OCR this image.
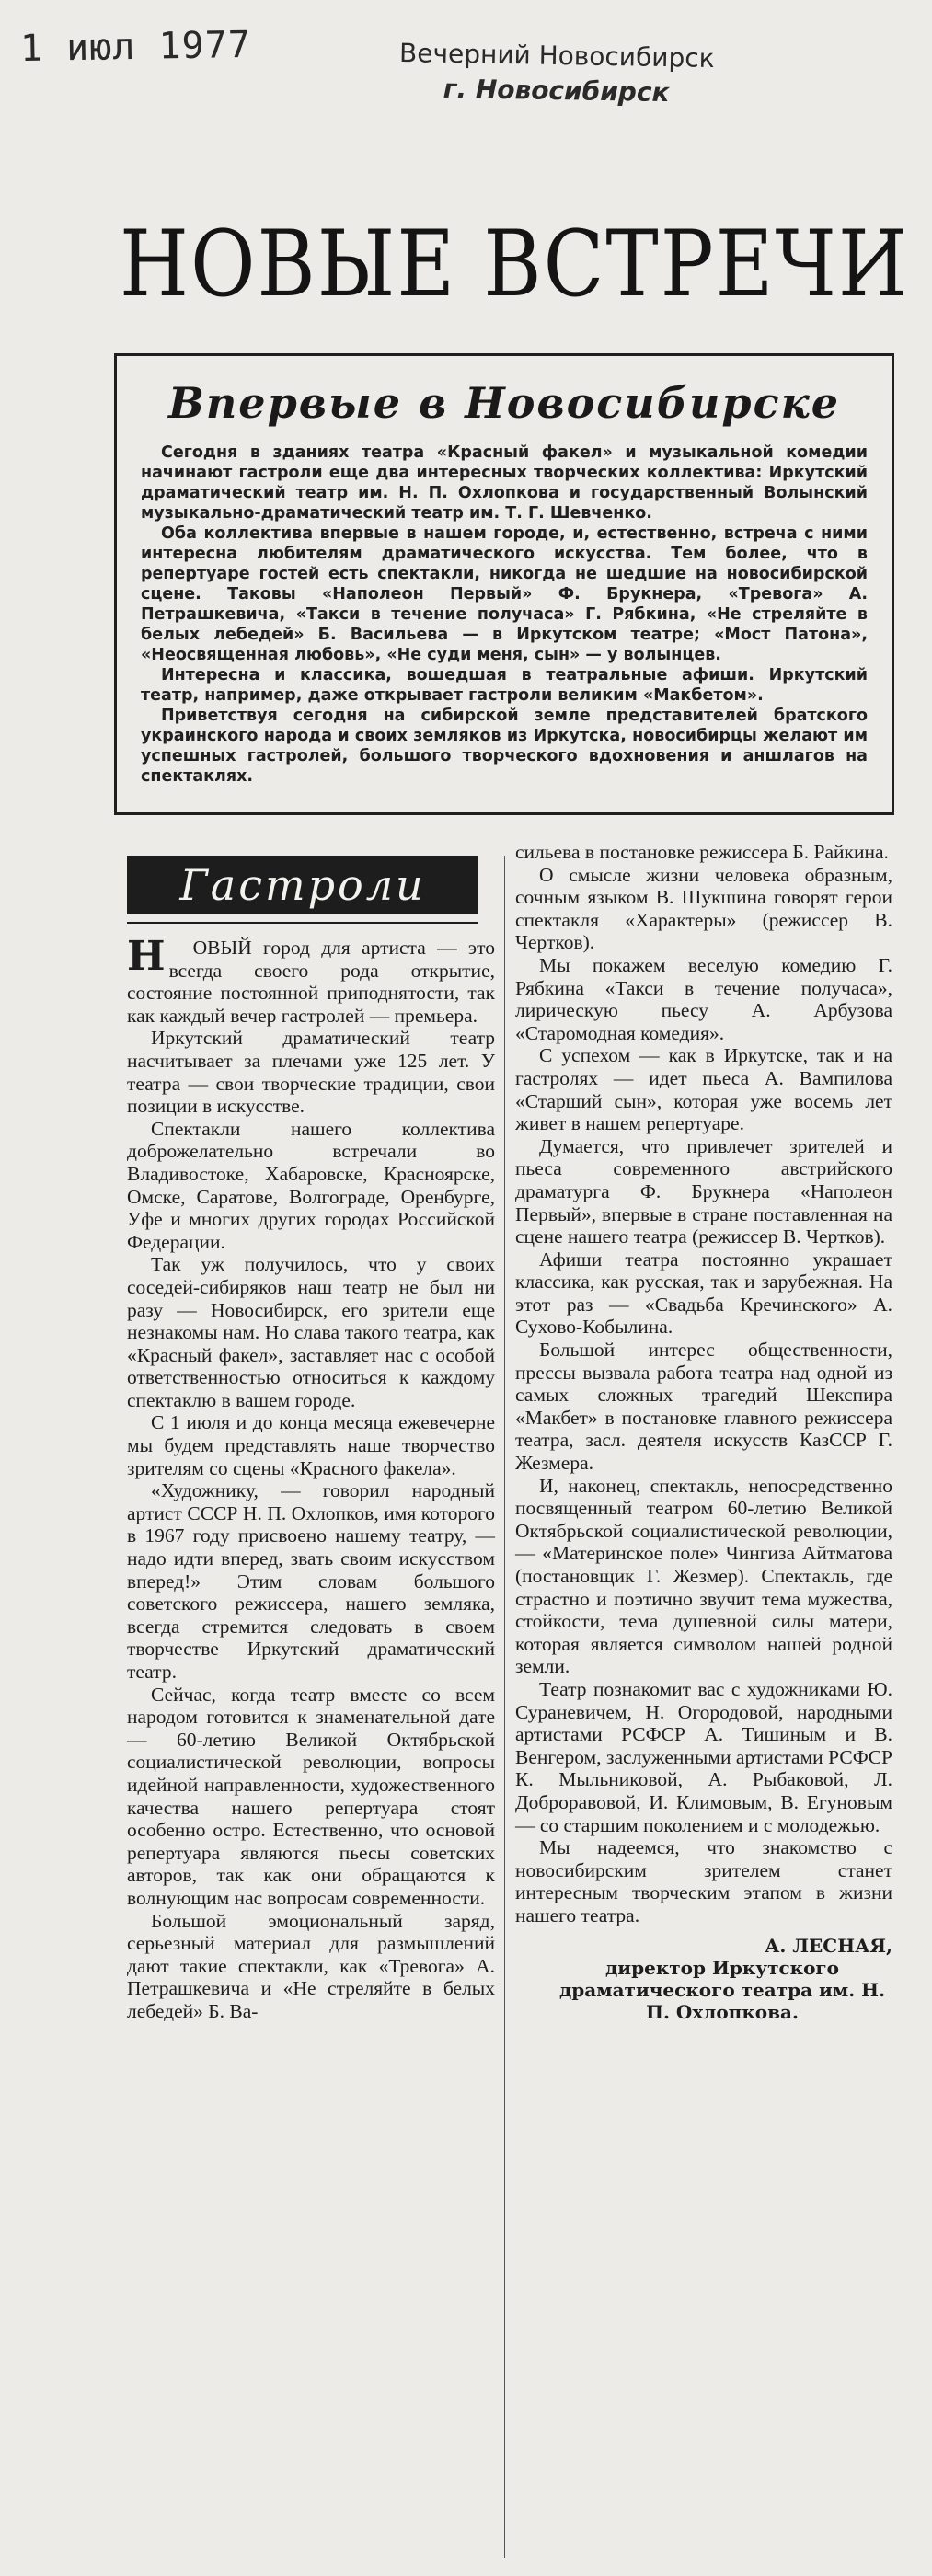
1 июл 1977	Вечерний Новосибирск
г. Новосибирск
НОВЫЕ ВСТРЕЧИ
Впервые в Новосибирске

Сегодня в зданиях театра «Красный факел» и музыкальной комедии начинают гастроли еще два интересных творческих коллектива: Иркутский драматический театр им. Н. П. Охлопкова и государственный Волынский музыкально-драматический театр им. Т. Г. Шевченко.

Оба коллектива впервые в нашем городе, и, естественно, встреча с ними интересна любителям драматического искусства. Тем более, что в репертуаре гостей есть спектакли, никогда не шедшие на новосибирской сцене. Таковы «Наполеон Первый» Ф. Брукнера, «Тревога» А. Петрашкевича, «Такси в течение получаса» Г. Рябкина, «Не стреляйте в белых лебедей» Б. Васильева — в Иркутском театре; «Мост Патона», «Неосвященная любовь», «Не суди меня, сын» — у волынцев.

Интересна и классика, вошедшая в театральные афиши. Иркутский театр, например, даже открывает гастроли великим «Макбетом».

Приветствуя сегодня на сибирской земле представителей братского украинского народа и своих земляков из Иркутска, новосибирцы желают им успешных гастролей, большого творческого вдохновения и аншлагов на спектаклях.

Гастроли

Н ОВЫЙ город для артиста — это всегда своего рода открытие, состояние постоянной приподнятости, так как каждый вечер гастролей — премьера.

Иркутский драматический театр насчитывает за плечами уже 125 лет. У театра — свои творческие традиции, свои позиции в искусстве.

Спектакли нашего коллектива доброжелательно встречали во Владивостоке, Хабаровске, Красноярске, Омске, Саратове, Волгограде, Оренбурге, Уфе и многих других городах Российской Федерации.

Так уж получилось, что у своих соседей-сибиряков наш театр не был ни разу — Новосибирск, его зрители еще незнакомы нам. Но слава такого театра, как «Красный факел», заставляет нас с особой ответственностью относиться к каждому спектаклю в вашем городе.

С 1 июля и до конца месяца ежевечерне мы будем представлять наше творчество зрителям со сцены «Красного факела».

«Художнику, — говорил народный артист СССР Н. П. Охлопков, имя которого в 1967 году присвоено нашему театру, — надо идти вперед, звать своим искусством вперед!» Этим словам большого советского режиссера, нашего земляка, всегда стремится следовать в своем творчестве Иркутский драматический театр.

Сейчас, когда театр вместе со всем народом готовится к знаменательной дате — 60-летию Великой Октябрьской социалистической революции, вопросы идейной направленности, художественного качества нашего репертуара стоят особенно остро. Естественно, что основой репертуара являются пьесы советских авторов, так как они обращаются к волнующим нас вопросам современности.

Большой эмоциональный заряд, серьезный материал для размышлений дают такие спектакли, как «Тревога» А. Петрашкевича и «Не стреляйте в белых лебедей» Б. Ва-

сильева в постановке режиссера Б. Райкина.

О смысле жизни человека образным, сочным языком В. Шукшина говорят герои спектакля «Характеры» (режиссер В. Чертков).

Мы покажем веселую комедию Г. Рябкина «Такси в течение получаса», лирическую пьесу А. Арбузова «Старомодная комедия».

С успехом — как в Иркутске, так и на гастролях — идет пьеса А. Вампилова «Старший сын», которая уже восемь лет живет в нашем репертуаре.

Думается, что привлечет зрителей и пьеса современного австрийского драматурга Ф. Брукнера «Наполеон Первый», впервые в стране поставленная на сцене нашего театра (режиссер В. Чертков).

Афиши театра постоянно украшает классика, как русская, так и зарубежная. На этот раз — «Свадьба Кречинского» А. Сухово-Кобылина.

Большой интерес общественности, прессы вызвала работа театра над одной из самых сложных трагедий Шекспира «Макбет» в постановке главного режиссера театра, засл. деятеля искусств КазССР Г. Жезмера.

И, наконец, спектакль, непосредственно посвященный театром 60-летию Великой Октябрьской социалистической революции, — «Материнское поле» Чингиза Айтматова (постановщик Г. Жезмер). Спектакль, где страстно и поэтично звучит тема мужества, стойкости, тема душевной силы матери, которая является символом нашей родной земли.

Театр познакомит вас с художниками Ю. Сураневичем, Н. Огородовой, народными артистами РСФСР А. Тишиным и В. Венгером, заслуженными артистами РСФСР К. Мыльниковой, А. Рыбаковой, Л. Доброравовой, И. Климовым, В. Егуновым — со старшим поколением и с молодежью.

Мы надеемся, что знакомство с новосибирским зрителем станет интересным творческим этапом в жизни нашего театра.

А. ЛЕСНАЯ,
директор Иркутского драматического театра им. Н. П. Охлопкова.
